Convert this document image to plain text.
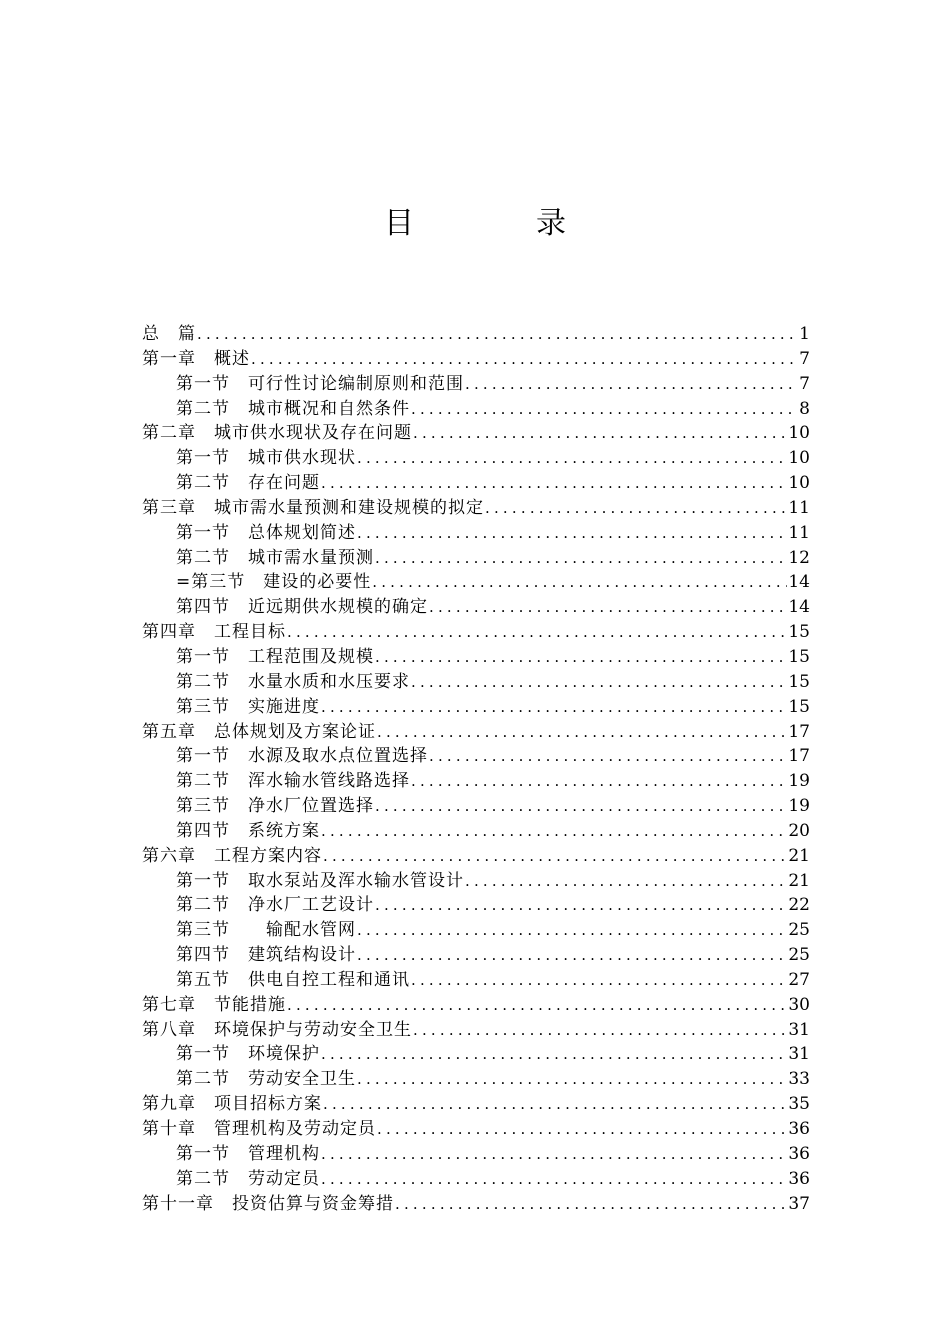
目　录
总　篇 .....	1
第一章　概述 .....	7
第一节　可行性讨论编制原则和范围 .....	7
第二节　城市概况和自然条件 .....	8
第二章　城市供水现状及存在问题 .....	10
第一节　城市供水现状 .....	10
第二节　存在问题 .....	10
第三章　城市需水量预测和建设规模的拟定 .....	11
第一节　总体规划简述 .....	11
第二节　城市需水量预测 .....	12
=第三节　建设的必要性 .....	14
第四节　近远期供水规模的确定 .....	14
第四章　工程目标 .....	15
第一节　工程范围及规模 .....	15
第二节　水量水质和水压要求 .....	15
第三节　实施进度 .....	15
第五章　总体规划及方案论证 .....	17
第一节　水源及取水点位置选择 .....	17
第二节　浑水输水管线路选择 .....	19
第三节　净水厂位置选择 .....	19
第四节　系统方案 .....	20
第六章　工程方案内容 .....	21
第一节　取水泵站及浑水输水管设计 .....	21
第二节　净水厂工艺设计 .....	22
第三节　　输配水管网 .....	25
第四节　建筑结构设计 .....	25
第五节　供电自控工程和通讯 .....	27
第七章　节能措施 .....	30
第八章　环境保护与劳动安全卫生 .....	31
第一节　环境保护 .....	31
第二节　劳动安全卫生 .....	33
第九章　项目招标方案 .....	35
第十章　管理机构及劳动定员 .....	36
第一节　管理机构 .....	36
第二节　劳动定员 .....	36
第十一章　投资估算与资金筹措 .....	37
